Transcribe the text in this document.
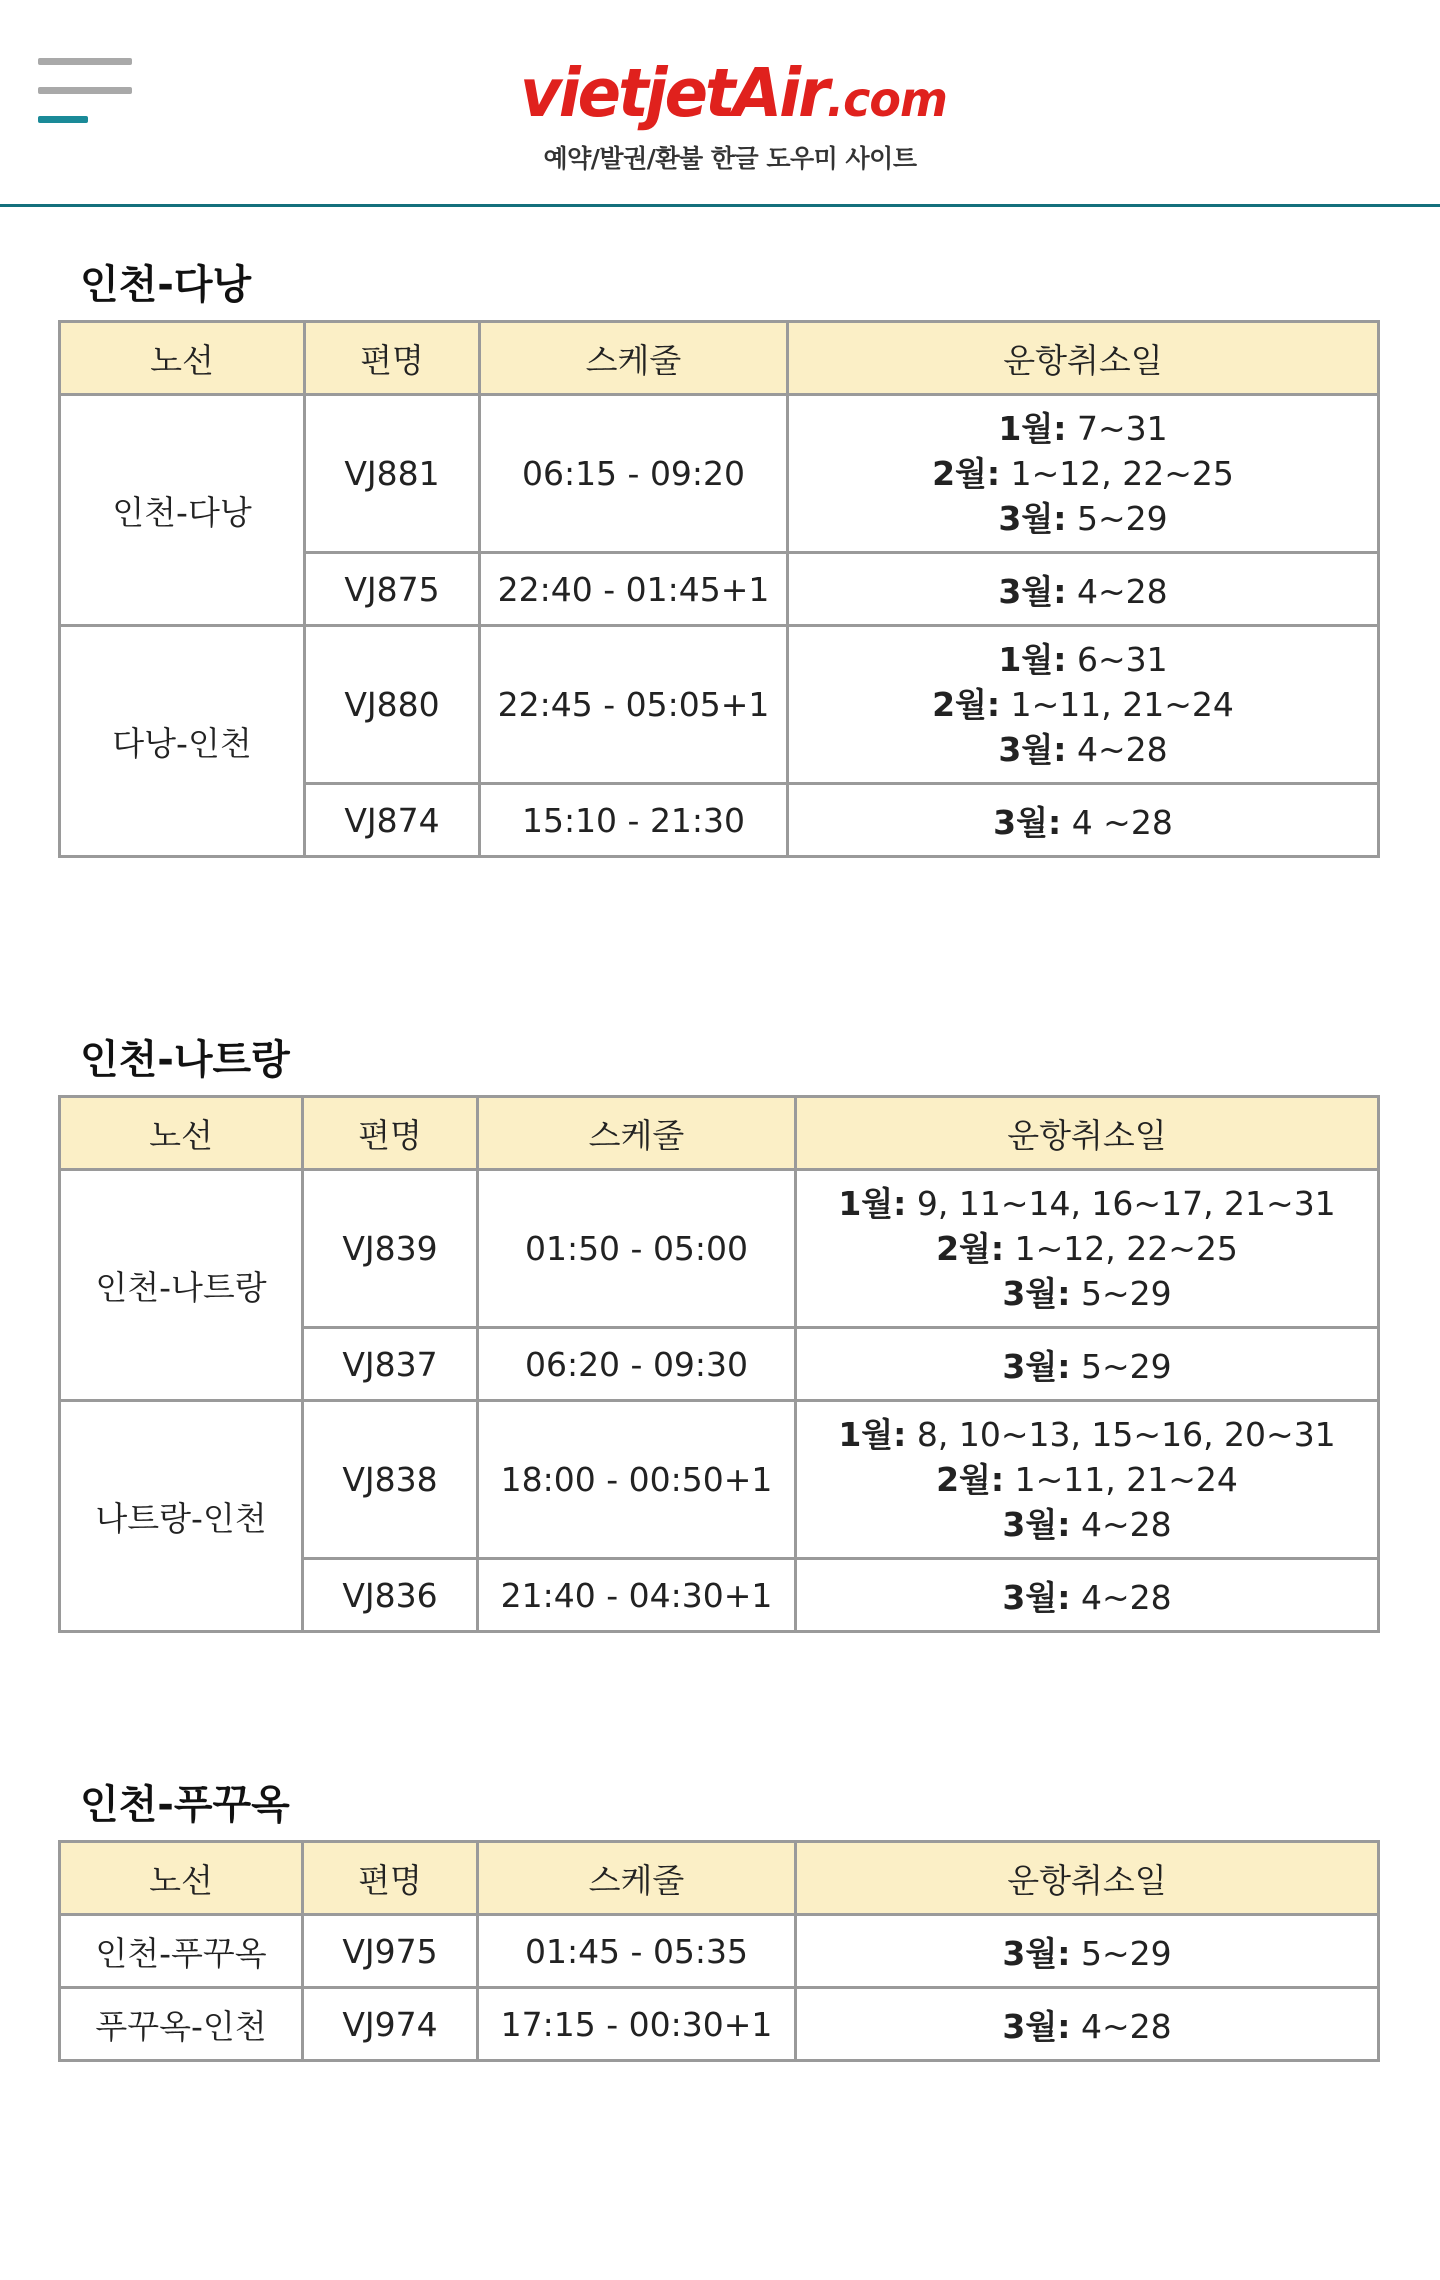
vietjetAir.com
예약/발권/환불 한글 도우미 사이트
인천-다낭
노선	편명	스케줄	운항취소일
인천-다낭	VJ881	06:15 - 09:20	1월: 7~31
2월: 1~12, 22~25
3월: 5~29

	VJ875	22:40 - 01:45+1	3월: 4~28
다낭-인천	VJ880	22:45 - 05:05+1	1월: 6~31
2월: 1~11, 21~24
3월: 4~28

	VJ874	15:10 - 21:30	3월: 4 ~28
인천-나트랑
노선	편명	스케줄	운항취소일
인천-나트랑	VJ839	01:50 - 05:00	1월: 9, 11~14, 16~17, 21~31
2월: 1~12, 22~25
3월: 5~29

	VJ837	06:20 - 09:30	3월: 5~29
나트랑-인천	VJ838	18:00 - 00:50+1	1월: 8, 10~13, 15~16, 20~31
2월: 1~11, 21~24
3월: 4~28

	VJ836	21:40 - 04:30+1	3월: 4~28
인천-푸꾸옥
노선	편명	스케줄	운항취소일
인천-푸꾸옥	VJ975	01:45 - 05:35	3월: 5~29
푸꾸옥-인천	VJ974	17:15 - 00:30+1	3월: 4~28
